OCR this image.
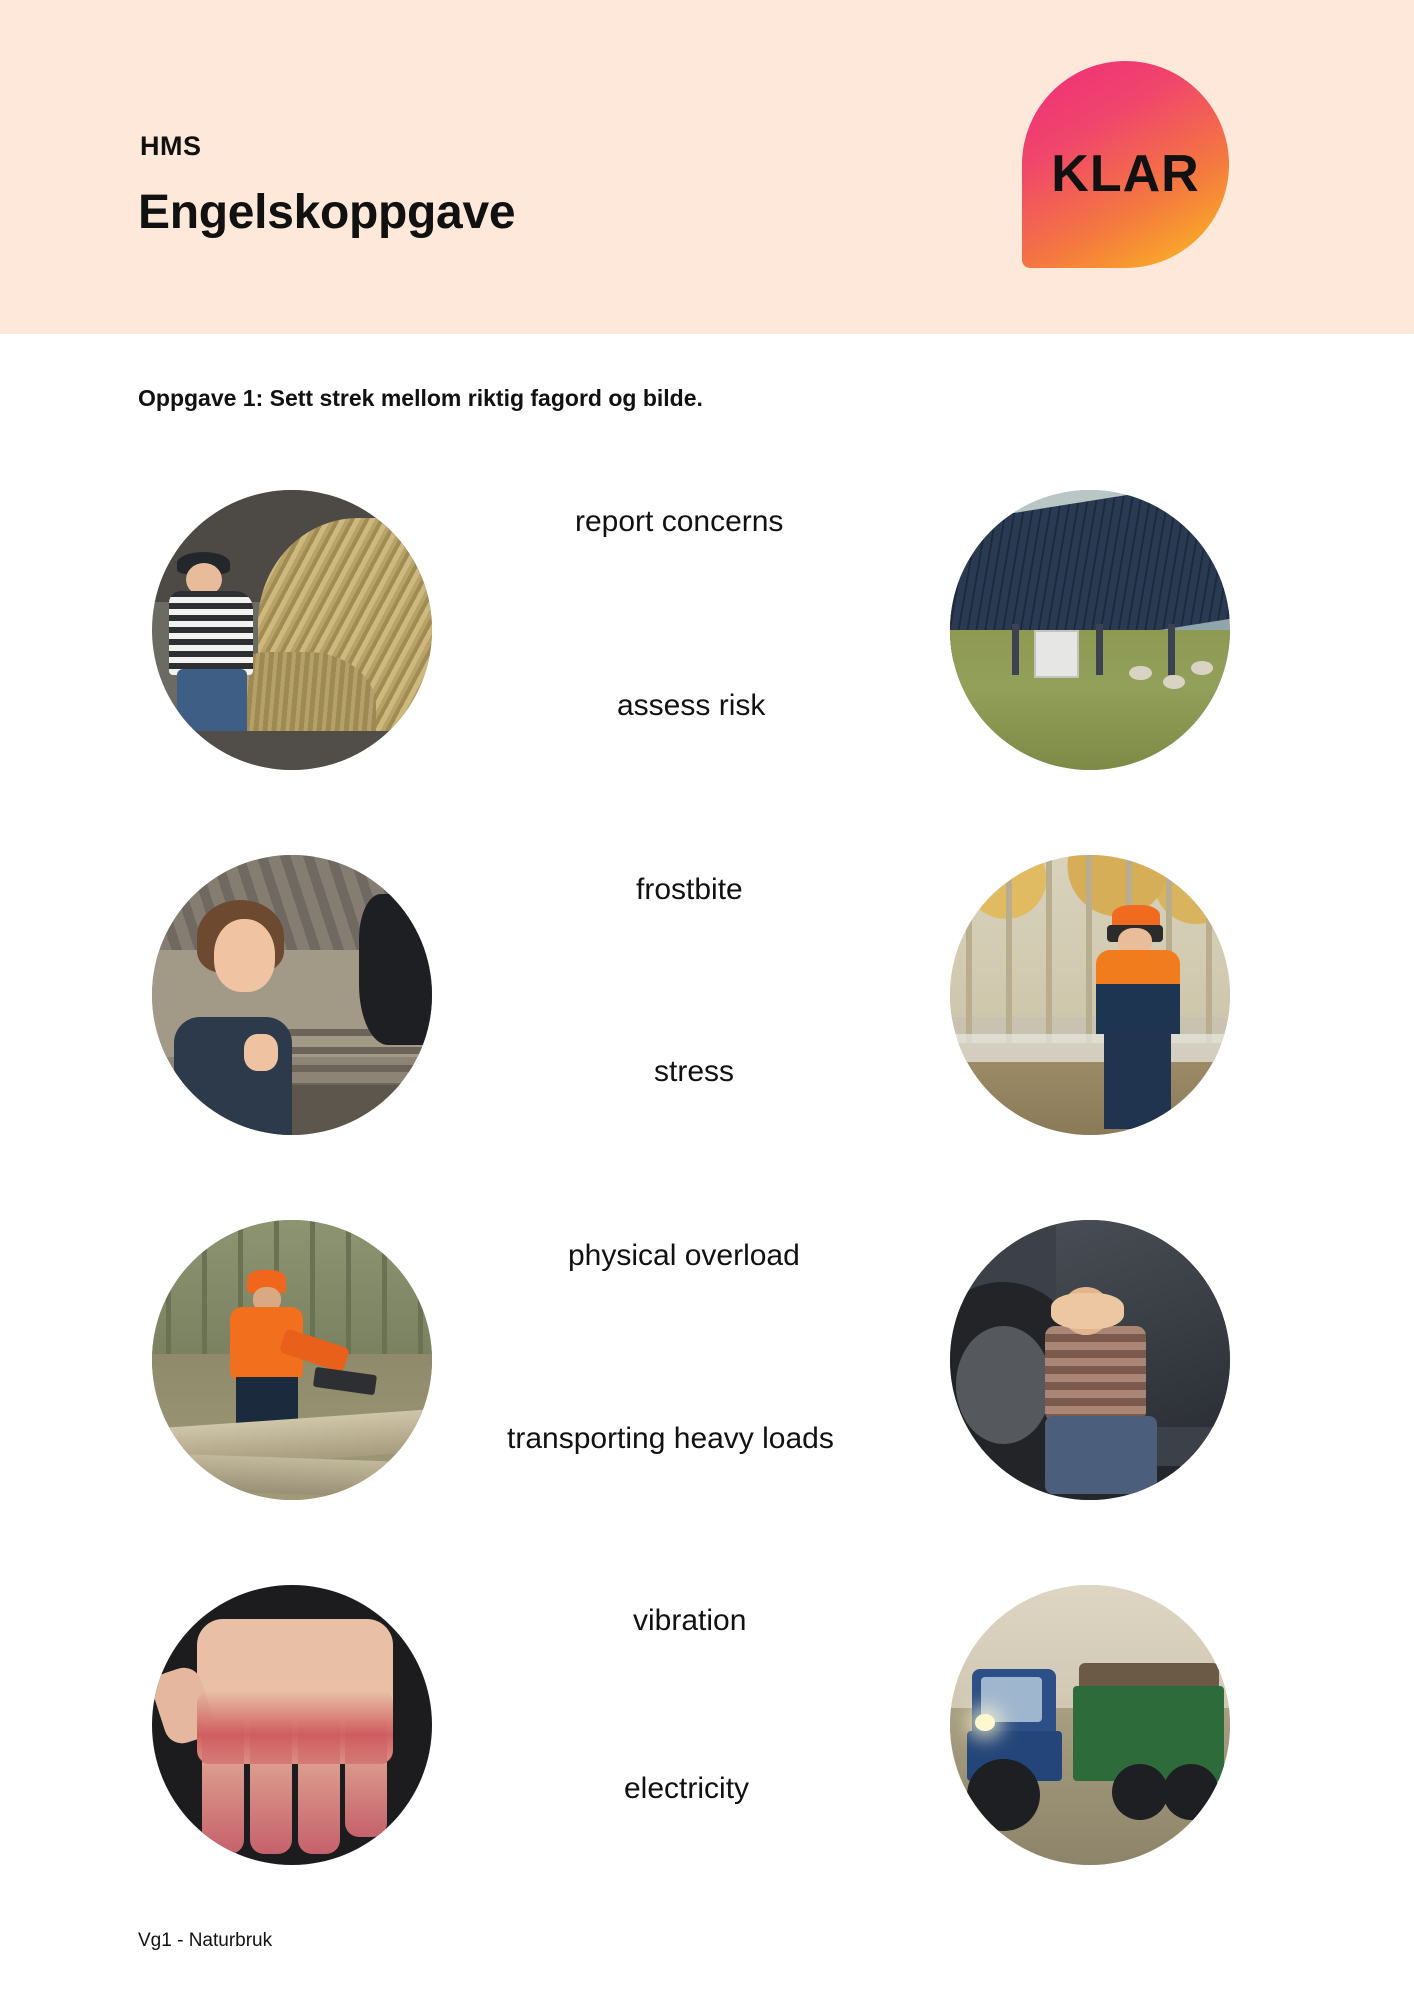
HMS
Engelskoppgave
KLAR
Oppgave 1: Sett strek mellom riktig fagord og bilde.
report concerns
assess risk
frostbite
stress
physical overload
transporting heavy loads
vibration
electricity
Vg1 - Naturbruk
